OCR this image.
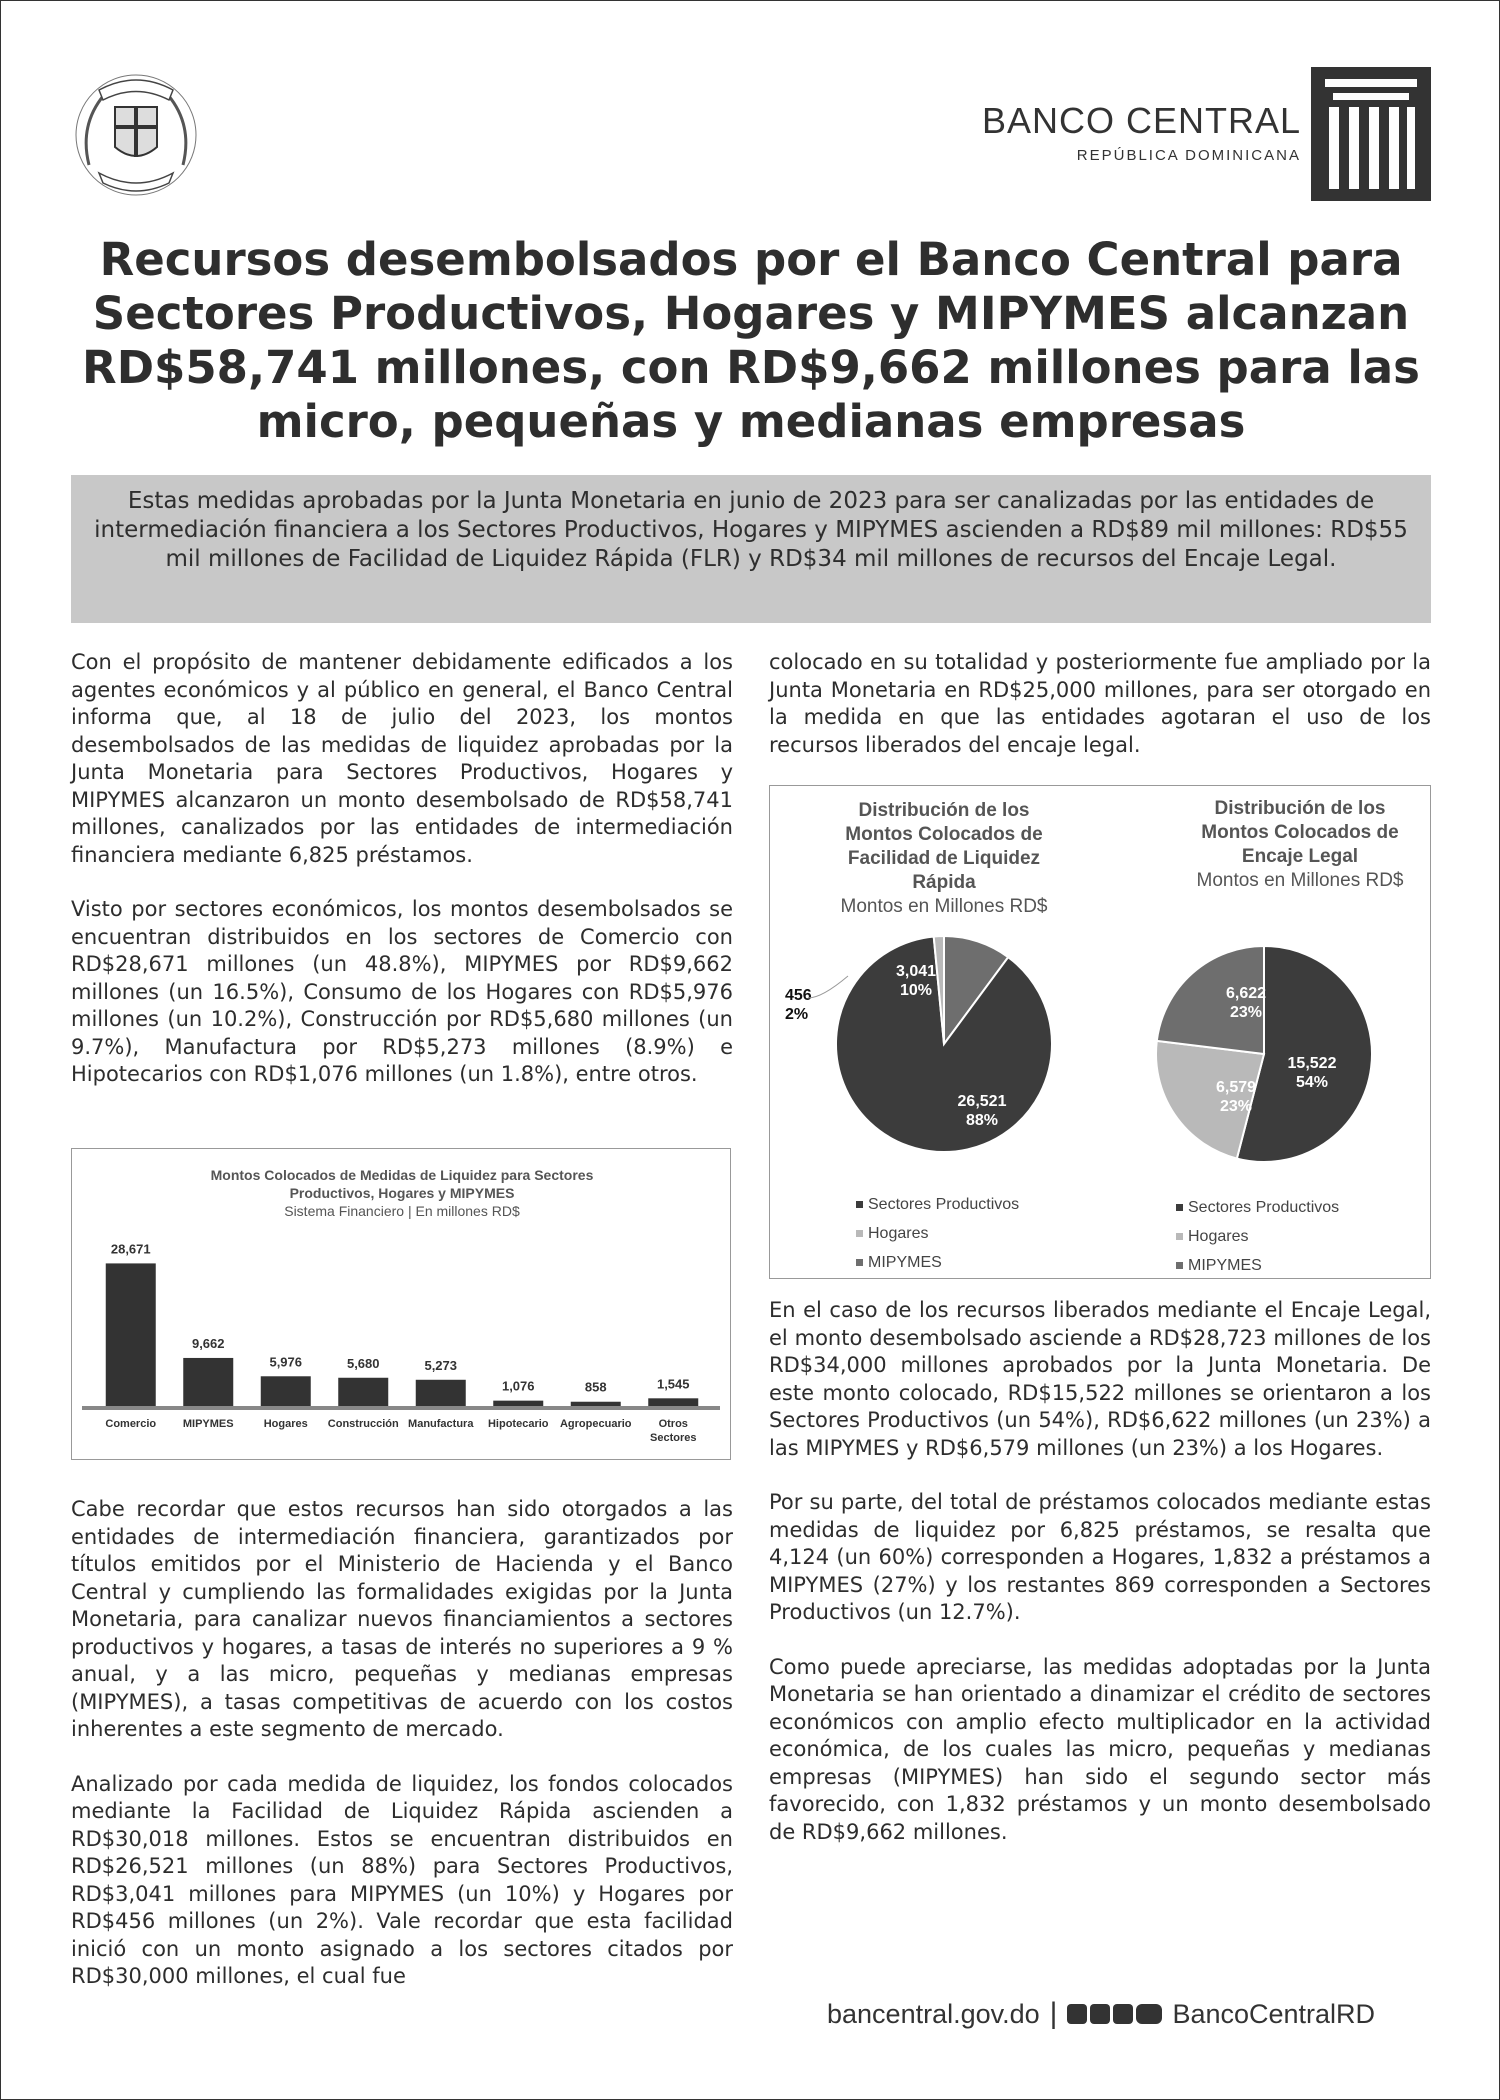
BANCO CENTRAL
REPÚBLICA DOMINICANA
Recursos desembolsados por el Banco Central para Sectores Productivos, Hogares y MIPYMES alcanzan RD$58,741 millones, con RD$9,662 millones para las micro, pequeñas y medianas empresas
Estas medidas aprobadas por la Junta Monetaria en junio de 2023 para ser canalizadas por las entidades de intermediación financiera a los Sectores Productivos, Hogares y MIPYMES ascienden a RD$89 mil millones: RD$55 mil millones de Facilidad de Liquidez Rápida (FLR) y RD$34 mil millones de recursos del Encaje Legal.

Con el propósito de mantener debidamente edificados a los agentes económicos y al público en general, el Banco Central informa que, al 18 de julio del 2023, los montos desembolsados de las medidas de liquidez aprobadas por la Junta Monetaria para Sectores Productivos, Hogares y MIPYMES alcanzaron un monto desembolsado de RD$58,741 millones, canalizados por las entidades de intermediación financiera mediante 6,825 préstamos.

Visto por sectores económicos, los montos desembolsados se encuentran distribuidos en los sectores de Comercio con RD$28,671 millones (un 48.8%), MIPYMES por RD$9,662 millones (un 16.5%), Consumo de los Hogares con RD$5,976 millones (un 10.2%), Construcción por RD$5,680 millones (un 9.7%), Manufactura por RD$5,273 millones (8.9%) e Hipotecarios con RD$1,076 millones (un 1.8%), entre otros.

Montos Colocados de Medidas de Liquidez para Sectores
Productivos, Hogares y MIPYMES
Sistema Financiero | En millones RD$
28,671
Comercio
9,662
MIPYMES
5,976
Hogares
5,680
Construcción
5,273
Manufactura
1,076
Hipotecario
858
Agropecuario
1,545
Otros
Sectores

Cabe recordar que estos recursos han sido otorgados a las entidades de intermediación financiera, garantizados por títulos emitidos por el Ministerio de Hacienda y el Banco Central y cumpliendo las formalidades exigidas por la Junta Monetaria, para canalizar nuevos financiamientos a sectores productivos y hogares, a tasas de interés no superiores a 9 % anual, y a las micro, pequeñas y medianas empresas (MIPYMES), a tasas competitivas de acuerdo con los costos inherentes a este segmento de mercado.

Analizado por cada medida de liquidez, los fondos colocados mediante la Facilidad de Liquidez Rápida ascienden a RD$30,018 millones. Estos se encuentran distribuidos en RD$26,521 millones (un 88%) para Sectores Productivos, RD$3,041 millones para MIPYMES (un 10%) y Hogares por RD$456 millones (un 2%). Vale recordar que esta facilidad inició con un monto asignado a los sectores citados por RD$30,000 millones, el cual fue

colocado en su totalidad y posteriormente fue ampliado por la Junta Monetaria en RD$25,000 millones, para ser otorgado en la medida en que las entidades agotaran el uso de los recursos liberados del encaje legal.

Distribución de los
Montos Colocados de
Facilidad de Liquidez
Rápida
Montos en Millones RD$
Distribución de los
Montos Colocados de
Encaje Legal
Montos en Millones RD$
26,521
88%
3,041
10%
456
2%
Sectores Productivos
Hogares
MIPYMES
15,522
54%
6,579
23%
6,622
23%
Sectores Productivos
Hogares
MIPYMES

En el caso de los recursos liberados mediante el Encaje Legal, el monto desembolsado asciende a RD$28,723 millones de los RD$34,000 millones aprobados por la Junta Monetaria. De este monto colocado, RD$15,522 millones se orientaron a los Sectores Productivos (un 54%), RD$6,622 millones (un 23%) a las MIPYMES y RD$6,579 millones (un 23%) a los Hogares.

Por su parte, del total de préstamos colocados mediante estas medidas de liquidez por 6,825 préstamos, se resalta que 4,124 (un 60%) corresponden a Hogares, 1,832 a préstamos a MIPYMES (27%) y los restantes 869 corresponden a Sectores Productivos (un 12.7%).

Como puede apreciarse, las medidas adoptadas por la Junta Monetaria se han orientado a dinamizar el crédito de sectores económicos con amplio efecto multiplicador en la actividad económica, de los cuales las micro, pequeñas y medianas empresas (MIPYMES) han sido el segundo sector más favorecido, con 1,832 préstamos y un monto desembolsado de RD$9,662 millones.

bancentral.gov.do |	BancoCentralRD
